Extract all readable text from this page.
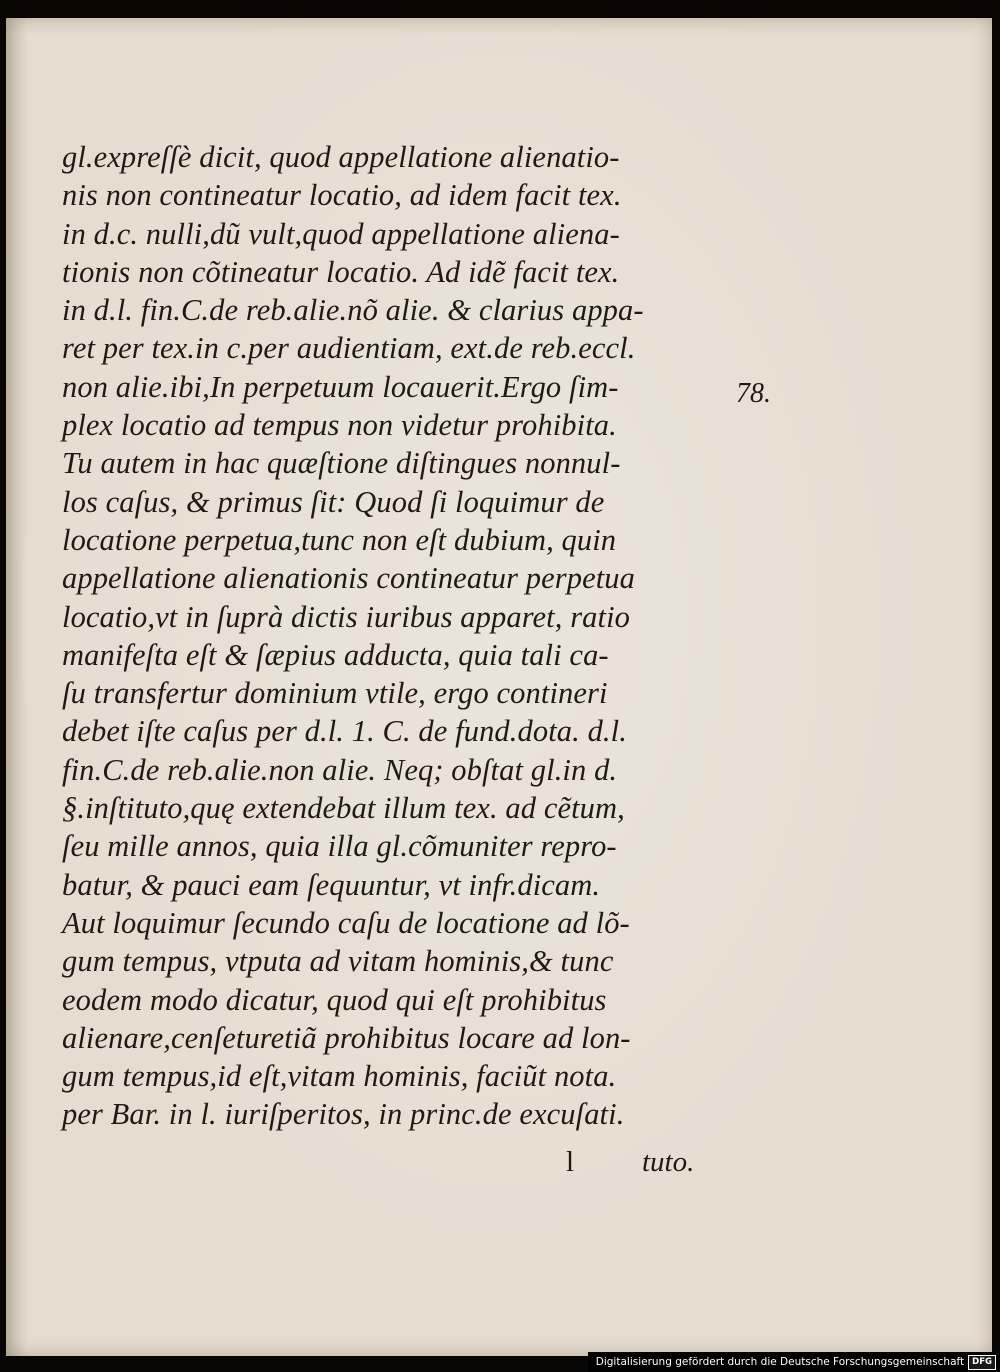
gl.expreſſè dicit, quod appellatione alienatio-
nis non contineatur locatio, ad idem facit tex.
in d.c. nulli,dũ vult,quod appellatione aliena-
tionis non cõtineatur locatio. Ad idẽ facit tex.
in d.l. fin.C.de reb.alie.nõ alie. & clarius appa-
ret per tex.in c.per audientiam, ext.de reb.eccl.
non alie.ibi,In perpetuum locauerit.Ergo ſim-
plex locatio ad tempus non videtur prohibita.
Tu autem in hac quæſtione diſtingues nonnul-
los caſus, & primus ſit: Quod ſi loquimur de
locatione perpetua,tunc non eſt dubium, quin
appellatione alienationis contineatur perpetua
locatio,vt in ſuprà dictis iuribus apparet, ratio
manifeſta eſt & ſæpius adducta, quia tali ca-
ſu transfertur dominium vtile, ergo contineri
debet iſte caſus per d.l. 1. C. de fund.dota. d.l.
fin.C.de reb.alie.non alie. Neq; obſtat gl.in d.
§.inſtituto,quę extendebat illum tex. ad cẽtum,
ſeu mille annos, quia illa gl.cõmuniter repro-
batur, & pauci eam ſequuntur, vt infr.dicam.
Aut loquimur ſecundo caſu de locatione ad lõ-
gum tempus, vtputa ad vitam hominis,& tunc
eodem modo dicatur, quod qui eſt prohibitus
alienare,cenſeturetiã prohibitus locare ad lon-
gum tempus,id eſt,vitam hominis, faciũt nota.
per Bar. in l. iuriſperitos, in princ.de excuſati.
78.
l tuto.
Digitalisierung gefördert durch die Deutsche Forschungsgemeinschaft DFG
